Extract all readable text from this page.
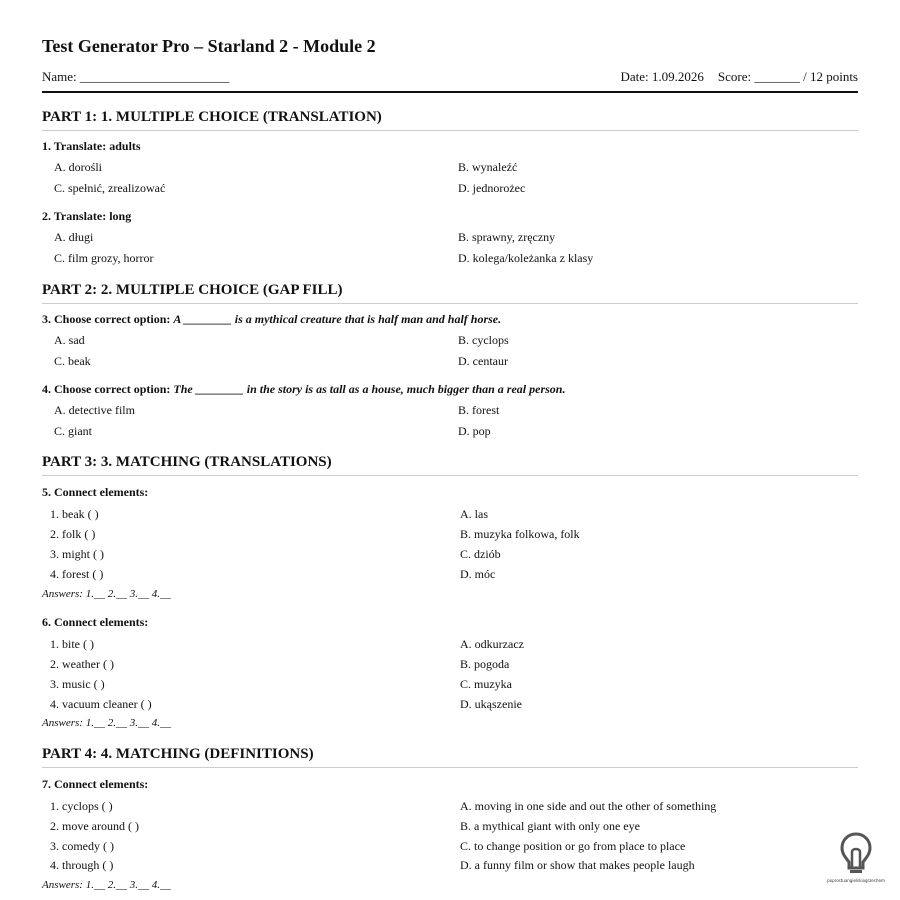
Test Generator Pro – Starland 2 - Module 2
Name: _______________________	Date: 1.09.2026 Score: _______ / 12 points
PART 1: 1. MULTIPLE CHOICE (TRANSLATION)
1. Translate: adults
A. dorośli	B. wynaleźć
C. spełnić, zrealizować	D. jednorożec
2. Translate: long
A. długi	B. sprawny, zręczny
C. film grozy, horror	D. kolega/koleżanka z klasy
PART 2: 2. MULTIPLE CHOICE (GAP FILL)
3. Choose correct option: A ________ is a mythical creature that is half man and half horse.
A. sad	B. cyclops
C. beak	D. centaur
4. Choose correct option: The ________ in the story is as tall as a house, much bigger than a real person.
A. detective film	B. forest
C. giant	D. pop
PART 3: 3. MATCHING (TRANSLATIONS)
5. Connect elements:
1. beak ( )	A. las
2. folk ( )	B. muzyka folkowa, folk
3. might ( )	C. dziób
4. forest ( )	D. móc
Answers: 1.__ 2.__ 3.__ 4.__
6. Connect elements:
1. bite ( )	A. odkurzacz
2. weather ( )	B. pogoda
3. music ( )	C. muzyka
4. vacuum cleaner ( )	D. ukąszenie
Answers: 1.__ 2.__ 3.__ 4.__
PART 4: 4. MATCHING (DEFINITIONS)
7. Connect elements:
1. cyclops ( )	A. moving in one side and out the other of something
2. move around ( )	B. a mythical giant with only one eye
3. comedy ( )	C. to change position or go from place to place
4. through ( )	D. a funny film or show that makes people laugh
Answers: 1.__ 2.__ 3.__ 4.__	poprostuangielskiogrzechem
